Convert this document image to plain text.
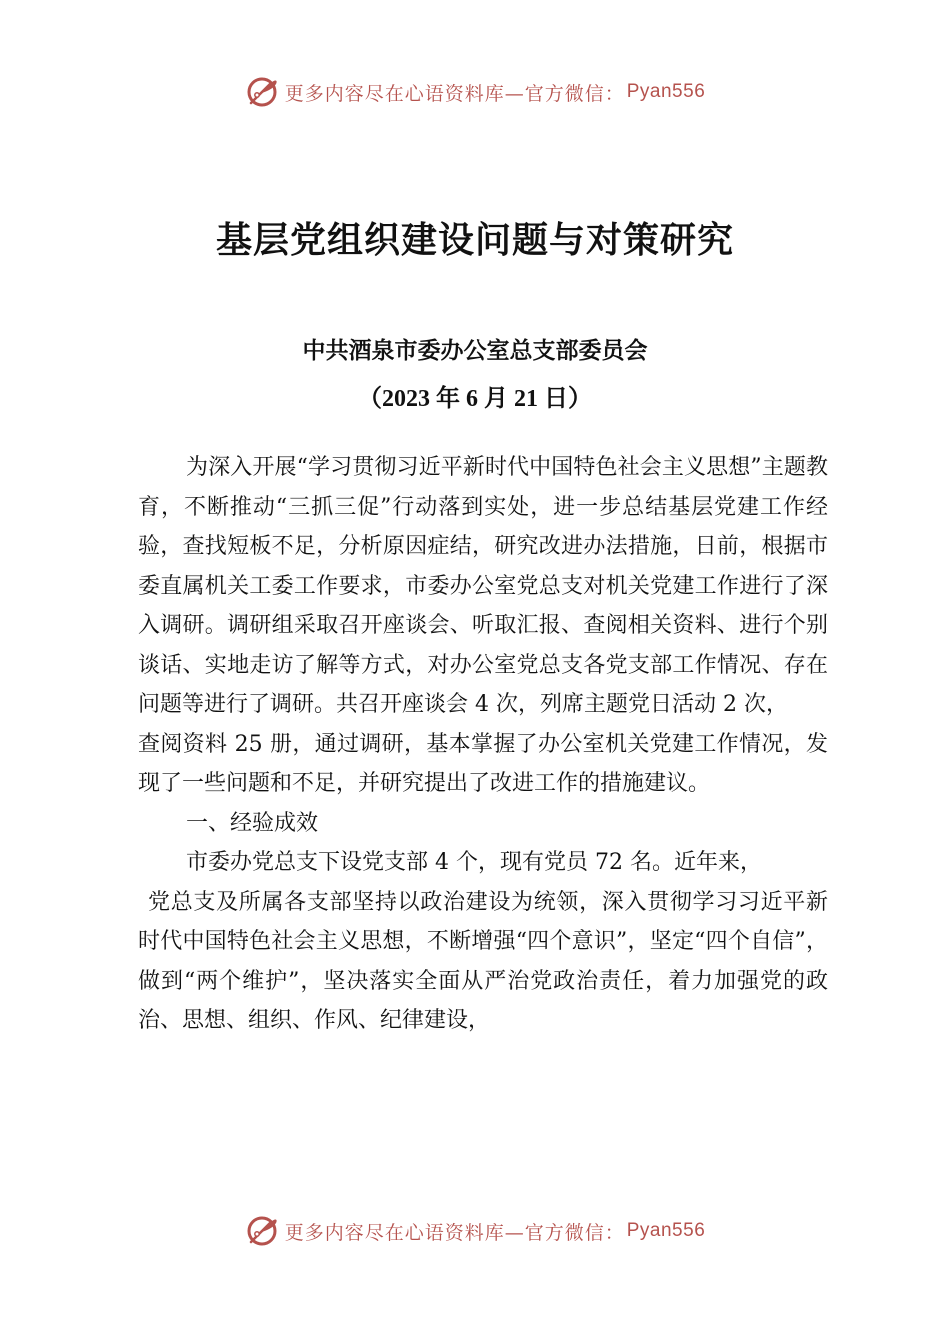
更多内容尽在心语资料库—官方微信： Pyan556
基层党组织建设问题与对策研究
中共酒泉市委办公室总支部委员会
（2023 年 6 月 21 日）

为深入开展“学习贯彻习近平新时代中国特色社会主义思想”主题教育，不断推动“三抓三促”行动落到实处，进一步总结基层党建工作经验，查找短板不足，分析原因症结，研究改进办法措施，日前，根据市委直属机关工委工作要求，市委办公室党总支对机关党建工作进行了深入调研。调研组采取召开座谈会、听取汇报、查阅相关资料、进行个别谈话、实地走访了解等方式，对办公室党总支各党支部工作情况、存在问题等进行了调研。共召开座谈会 4 次，列席主题党日活动 2 次，

查阅资料 25 册，通过调研，基本掌握了办公室机关党建工作情况，发现了一些问题和不足，并研究提出了改进工作的措施建议。

一、经验成效

市委办党总支下设党支部 4 个，现有党员 72 名。近年来，

党总支及所属各支部坚持以政治建设为统领，深入贯彻学习习近平新时代中国特色社会主义思想，不断增强“四个意识”，坚定“四个自信”，做到“两个维护”，坚决落实全面从严治党政治责任，着力加强党的政治、思想、组织、作风、纪律建设，

更多内容尽在心语资料库—官方微信： Pyan556
